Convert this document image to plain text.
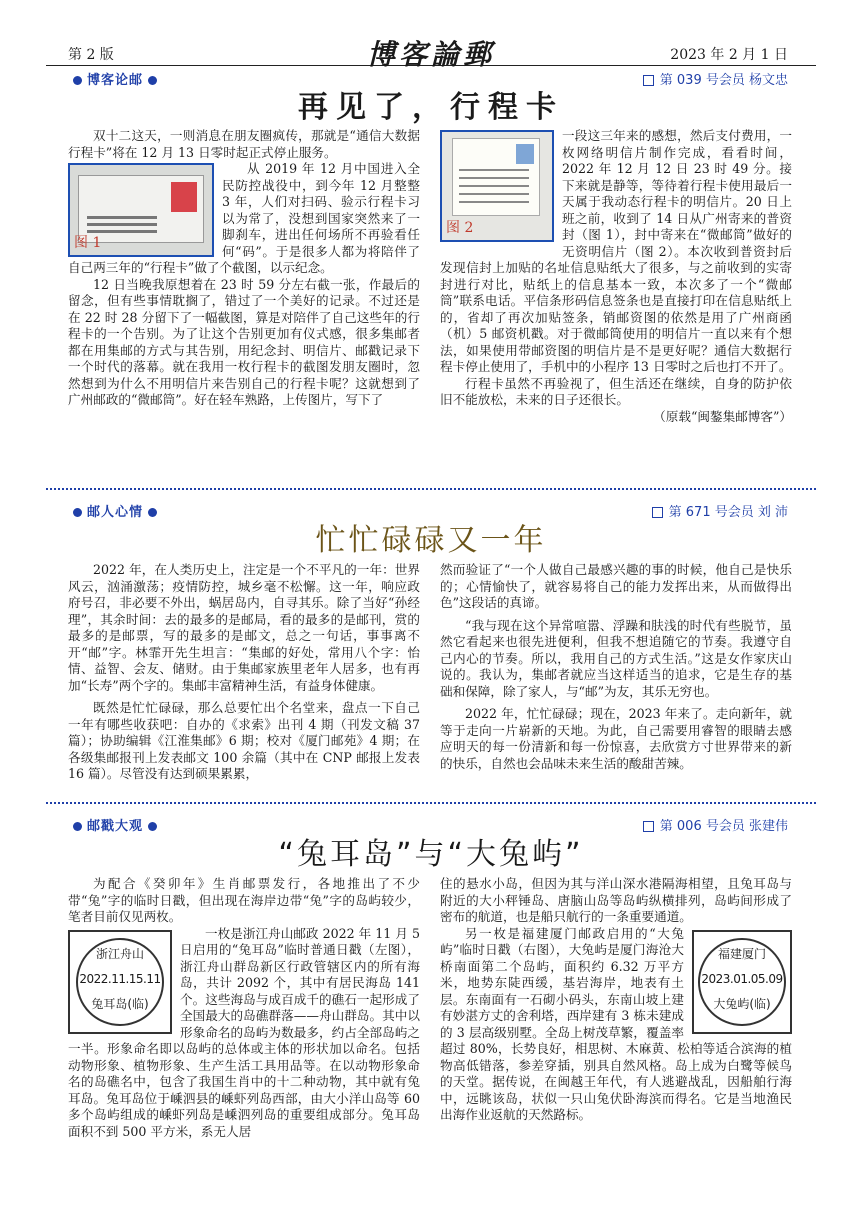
第 2 版	博客論郵	2023 年 2 月 1 日
博客论邮	第 039 号会员 杨文忠
再见了，行程卡

双十二这天，一则消息在朋友圈疯传，那就是“通信大数据行程卡”将在 12 月 13 日零时起正式停止服务。

图 1

从 2019 年 12 月中国进入全民防控战役中，到今年 12 月整整 3 年，人们对扫码、验示行程卡习以为常了，没想到国家突然来了一脚刹车，进出任何场所不再验看任何“码”。于是很多人都为将陪伴了自己两三年的“行程卡”做了个截图，以示纪念。

12 日当晚我原想着在 23 时 59 分左右截一张，作最后的留念，但有些事情耽搁了，错过了一个美好的记录。不过还是在 22 时 28 分留下了一幅截图，算是对陪伴了自己这些年的行程卡的一个告别。为了让这个告别更加有仪式感，很多集邮者都在用集邮的方式与其告别，用纪念封、明信片、邮戳记录下一个时代的落幕。就在我用一枚行程卡的截图发朋友圈时，忽然想到为什么不用明信片来告别自己的行程卡呢？这就想到了广州邮政的“微邮筒”。好在轻车熟路，上传图片，写下了

图 2
一段这三年来的感想，然后支付费用，一枚网络明信片制作完成，看看时间，2022 年 12 月 12 日 23 时 49 分。接下来就是静等，等待着行程卡使用最后一天属于我动态行程卡的明信片。20 日上班之前，收到了 14 日从广州寄来的普资封（图 1），封中寄来在“微邮筒”做好的无资明信片（图 2）。本次收到普资封后发现信封上加贴的名址信息贴纸大了很多，与之前收到的实寄封进行对比，贴纸上的信息基本一致，本次多了一个“微邮筒”联系电话。平信条形码信息签条也是直接打印在信息贴纸上的，省却了再次加贴签条，销邮资图的依然是用了广州商函（机）5 邮资机戳。对于微邮筒使用的明信片一直以来有个想法，如果使用带邮资图的明信片是不是更好呢？通信大数据行程卡停止使用了，手机中的小程序 13 日零时之后也打不开了。

行程卡虽然不再验视了，但生活还在继续，自身的防护依旧不能放松，未来的日子还很长。

（原载“闽鏊集邮博客”）
邮人心情	第 671 号会员 刘 沛
忙忙碌碌又一年

2022 年，在人类历史上，注定是一个不平凡的一年：世界风云，汹涌激荡；疫情防控，城乡毫不松懈。这一年，响应政府号召，非必要不外出，蜗居岛内，自寻其乐。除了当好“孙经理”，其余时间：去的最多的是邮局，看的最多的是邮刊，赏的最多的是邮票，写的最多的是邮文，总之一句话，事事离不开“邮”字。林霏开先生坦言：“集邮的好处，常用八个字：怡情、益智、会友、储财。由于集邮家族里老年人居多，也有再加“长寿”两个字的。集邮丰富精神生活，有益身体健康。

既然是忙忙碌碌，那么总要忙出个名堂来，盘点一下自己一年有哪些收获吧：自办的《求索》出刊 4 期（刊发文稿 37 篇）；协助编辑《江淮集邮》6 期；校对《厦门邮苑》4 期；在各级集邮报刊上发表邮文 100 余篇（其中在 CNP 邮报上发表 16 篇）。尽管没有达到硕果累累，

然而验证了“一个人做自己最感兴趣的事的时候，他自己是快乐的；心情愉快了，就容易将自己的能力发挥出来，从而做得出色”这段话的真谛。

“我与现在这个异常喧嚣、浮躁和肤浅的时代有些脱节，虽然它看起来也很先进便利，但我不想追随它的节奏。我遵守自己内心的节奏。所以，我用自己的方式生活。”这是女作家庆山说的。我认为，集邮者就应当这样适当的追求，它是生存的基础和保障，除了家人，与“邮”为友，其乐无穷也。

2022 年，忙忙碌碌；现在，2023 年来了。走向新年，就等于走向一片崭新的天地。为此，自己需要用睿智的眼睛去感应明天的每一份清新和每一份惊喜，去欣赏方寸世界带来的新的快乐，自然也会品味未来生活的酸甜苦辣。

邮戳大观	第 006 号会员 张建伟
“兔耳岛”与“大兔屿”

为配合《癸卯年》生肖邮票发行，各地推出了不少带“兔”字的临时日戳，但出现在海岸边带“兔”字的岛屿较少，笔者目前仅见两枚。

浙江舟山
2022.11.15.11
兔耳岛(临)

一枚是浙江舟山邮政 2022 年 11 月 5 日启用的“兔耳岛”临时普通日戳（左图），浙江舟山群岛新区行政管辖区内的所有海岛，共计 2092 个，其中有居民海岛 141 个。这些海岛与成百成千的礁石一起形成了全国最大的岛礁群落——舟山群岛。其中以形象命名的岛屿为数最多，约占全部岛屿之一半。形象命名即以岛屿的总体或主体的形状加以命名。包括动物形象、植物形象、生产生活工具用品等。在以动物形象命名的岛礁名中，包含了我国生肖中的十二种动物，其中就有兔耳岛。兔耳岛位于嵊泗县的嵊虾列岛西部，由大小洋山岛等 60 多个岛屿组成的嵊虾列岛是嵊泗列岛的重要组成部分。兔耳岛面积不到 500 平方米，系无人居

住的悬水小岛，但因为其与洋山深水港隔海相望，且兔耳岛与附近的大小秤锤岛、唐脑山岛等岛屿纵横排列，岛屿间形成了密布的航道，也是船只航行的一条重要通道。

福建厦门
2023.01.05.09
大兔屿(临)

另一枚是福建厦门邮政启用的“大兔屿”临时日戳（右图），大兔屿是厦门海沧大桥南面第二个岛屿，面积约 6.32 万平方米，地势东陡西缓，基岩海岸，地表有土层。东南面有一石砌小码头，东南山坡上建有妙湛方丈的舍利塔，西岸建有 3 栋未建成的 3 层高级别墅。全岛上树茂草繁，覆盖率超过 80%，长势良好，相思树、木麻黄、松柏等适合滨海的植物高低错落，参差穿插，别具自然风格。岛上成为白鹭等候鸟的天堂。据传说，在闽越王年代，有人逃避战乱，因船舶行海中，远眺该岛，状似一只山兔伏卧海滨而得名。它是当地渔民出海作业返航的天然路标。
